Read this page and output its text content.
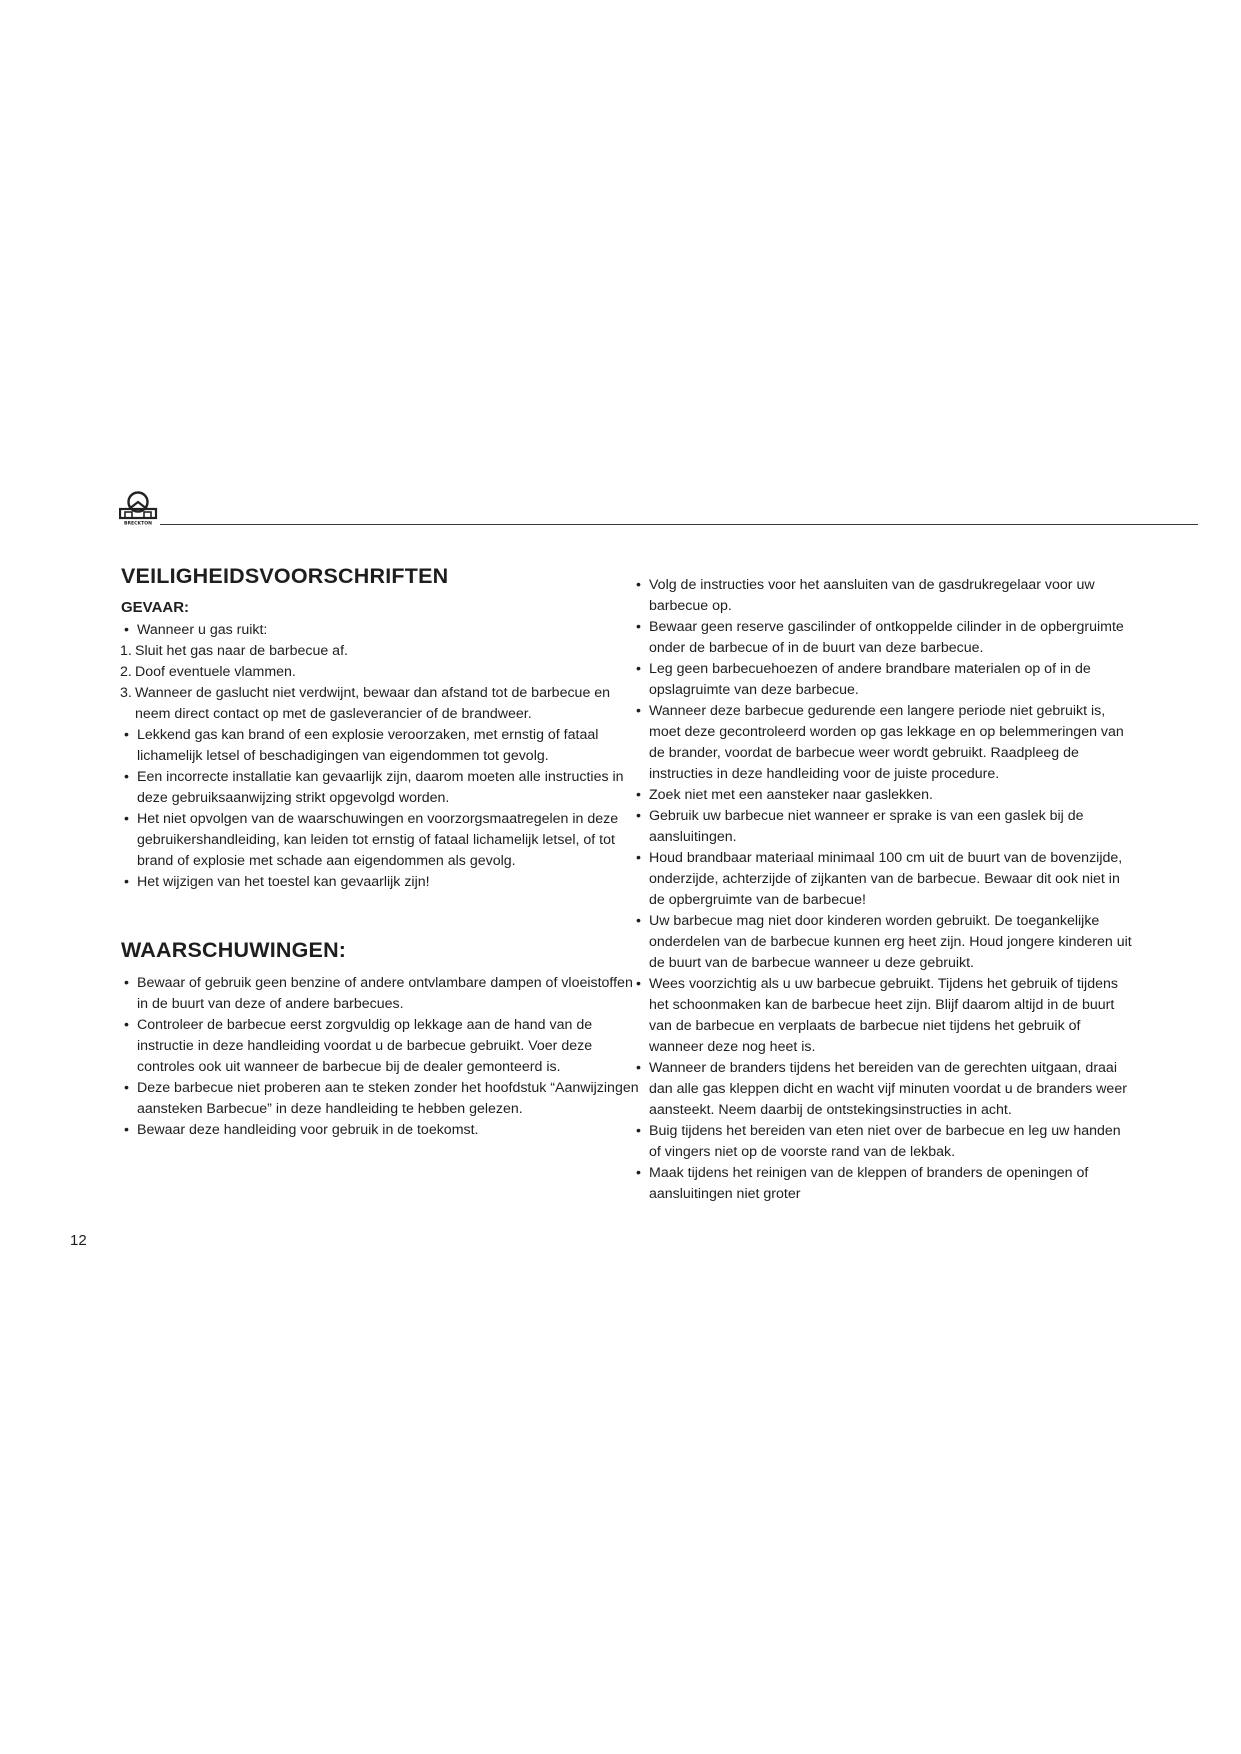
BRECKTON
VEILIGHEIDSVOORSCHRIFTEN
GEVAAR:
• Wanneer u gas ruikt:
1. Sluit het gas naar de barbecue af.
2. Doof eventuele vlammen.
3. Wanneer de gaslucht niet verdwijnt, bewaar dan afstand tot de barbecue en neem direct contact op met de gasleverancier of de brandweer.
• Lekkend gas kan brand of een explosie veroorzaken, met ernstig of fataal lichamelijk letsel of beschadigingen van eigendommen tot gevolg.
• Een incorrecte installatie kan gevaarlijk zijn, daarom moeten alle instructies in deze gebruiksaanwijzing strikt opgevolgd worden.
• Het niet opvolgen van de waarschuwingen en voorzorgsmaatregelen in deze gebruikershandleiding, kan leiden tot ernstig of fataal lichamelijk letsel, of tot brand of explosie met schade aan eigendommen als gevolg.
• Het wijzigen van het toestel kan gevaarlijk zijn!
WAARSCHUWINGEN:
• Bewaar of gebruik geen benzine of andere ontvlambare dampen of vloeistoffen in de buurt van deze of andere barbecues.
• Controleer de barbecue eerst zorgvuldig op lekkage aan de hand van de instructie in deze handleiding voordat u de barbecue gebruikt. Voer deze controles ook uit wanneer de barbecue bij de dealer gemonteerd is.
• Deze barbecue niet proberen aan te steken zonder het hoofdstuk “Aanwijzingen aansteken Barbecue” in deze handleiding te hebben gelezen.
• Bewaar deze handleiding voor gebruik in de toekomst.
• Volg de instructies voor het aansluiten van de gasdrukregelaar voor uw barbecue op.
• Bewaar geen reserve gascilinder of ontkoppelde cilinder in de opbergruimte onder de barbecue of in de buurt van deze barbecue.
• Leg geen barbecuehoezen of andere brandbare materialen op of in de opslagruimte van deze barbecue.
• Wanneer deze barbecue gedurende een langere periode niet gebruikt is, moet deze gecontroleerd worden op gas lekkage en op belemmeringen van de brander, voordat de barbecue weer wordt gebruikt. Raadpleeg de instructies in deze handleiding voor de juiste procedure.
• Zoek niet met een aansteker naar gaslekken.
• Gebruik uw barbecue niet wanneer er sprake is van een gaslek bij de aansluitingen.
• Houd brandbaar materiaal minimaal 100 cm uit de buurt van de bovenzijde, onderzijde, achterzijde of zijkanten van de barbecue. Bewaar dit ook niet in de opbergruimte van de barbecue!
• Uw barbecue mag niet door kinderen worden gebruikt. De toegankelijke onderdelen van de barbecue kunnen erg heet zijn. Houd jongere kinderen uit de buurt van de barbecue wanneer u deze gebruikt.
• Wees voorzichtig als u uw barbecue gebruikt. Tijdens het gebruik of tijdens het schoonmaken kan de barbecue heet zijn. Blijf daarom altijd in de buurt van de barbecue en verplaats de barbecue niet tijdens het gebruik of wanneer deze nog heet is.
• Wanneer de branders tijdens het bereiden van de gerechten uitgaan, draai dan alle gas kleppen dicht en wacht vijf minuten voordat u de branders weer aansteekt. Neem daarbij de ontstekingsinstructies in acht.
• Buig tijdens het bereiden van eten niet over de barbecue en leg uw handen of vingers niet op de voorste rand van de lekbak.
• Maak tijdens het reinigen van de kleppen of branders de openingen of aansluitingen niet groter
12
